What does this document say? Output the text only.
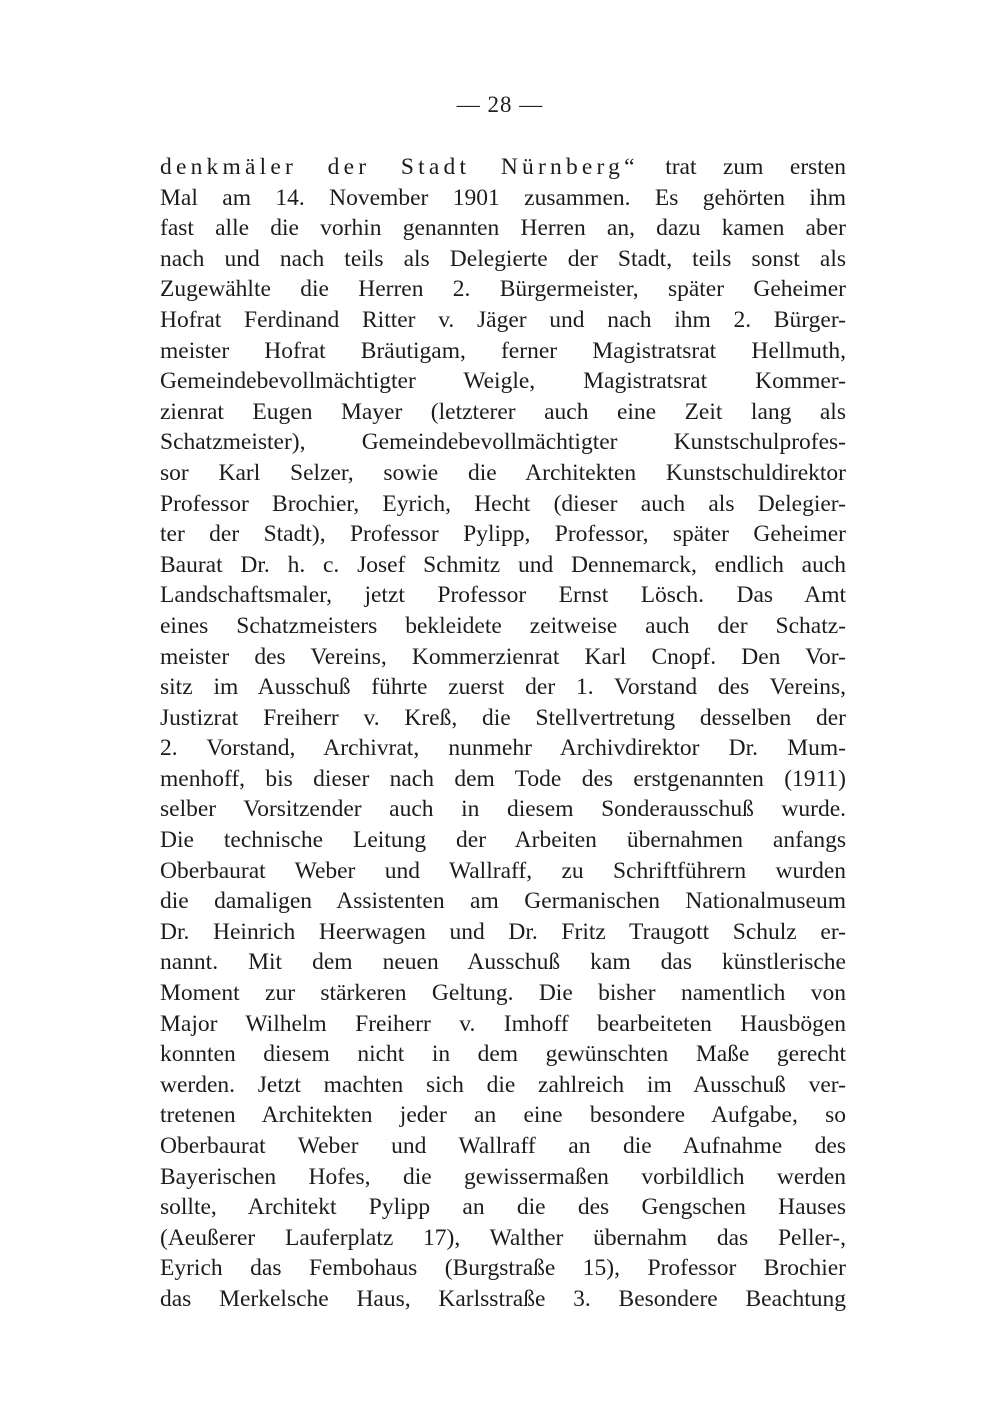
— 28 —
denkmäler der Stadt Nürnberg“ trat zum ersten
Mal am 14. November 1901 zusammen. Es gehörten ihm
fast alle die vorhin genannten Herren an, dazu kamen aber
nach und nach teils als Delegierte der Stadt, teils sonst als
Zugewählte die Herren 2. Bürgermeister, später Geheimer
Hofrat Ferdinand Ritter v. Jäger und nach ihm 2. Bürger-
meister Hofrat Bräutigam, ferner Magistratsrat Hellmuth,
Gemeindebevollmächtigter Weigle, Magistratsrat Kommer-
zienrat Eugen Mayer (letzterer auch eine Zeit lang als
Schatzmeister), Gemeindebevollmächtigter Kunstschulprofes-
sor Karl Selzer, sowie die Architekten Kunstschuldirektor
Professor Brochier, Eyrich, Hecht (dieser auch als Delegier-
ter der Stadt), Professor Pylipp, Professor, später Geheimer
Baurat Dr. h. c. Josef Schmitz und Dennemarck, endlich auch
Landschaftsmaler, jetzt Professor Ernst Lösch. Das Amt
eines Schatzmeisters bekleidete zeitweise auch der Schatz-
meister des Vereins, Kommerzienrat Karl Cnopf. Den Vor-
sitz im Ausschuß führte zuerst der 1. Vorstand des Vereins,
Justizrat Freiherr v. Kreß, die Stellvertretung desselben der
2. Vorstand, Archivrat, nunmehr Archivdirektor Dr. Mum-
menhoff, bis dieser nach dem Tode des erstgenannten (1911)
selber Vorsitzender auch in diesem Sonderausschuß wurde.
Die technische Leitung der Arbeiten übernahmen anfangs
Oberbaurat Weber und Wallraff, zu Schriftführern wurden
die damaligen Assistenten am Germanischen Nationalmuseum
Dr. Heinrich Heerwagen und Dr. Fritz Traugott Schulz er-
nannt. Mit dem neuen Ausschuß kam das künstlerische
Moment zur stärkeren Geltung. Die bisher namentlich von
Major Wilhelm Freiherr v. Imhoff bearbeiteten Hausbögen
konnten diesem nicht in dem gewünschten Maße gerecht
werden. Jetzt machten sich die zahlreich im Ausschuß ver-
tretenen Architekten jeder an eine besondere Aufgabe, so
Oberbaurat Weber und Wallraff an die Aufnahme des
Bayerischen Hofes, die gewissermaßen vorbildlich werden
sollte, Architekt Pylipp an die des Gengschen Hauses
(Aeußerer Lauferplatz 17), Walther übernahm das Peller-,
Eyrich das Fembohaus (Burgstraße 15), Professor Brochier
das Merkelsche Haus, Karlsstraße 3. Besondere Beachtung
